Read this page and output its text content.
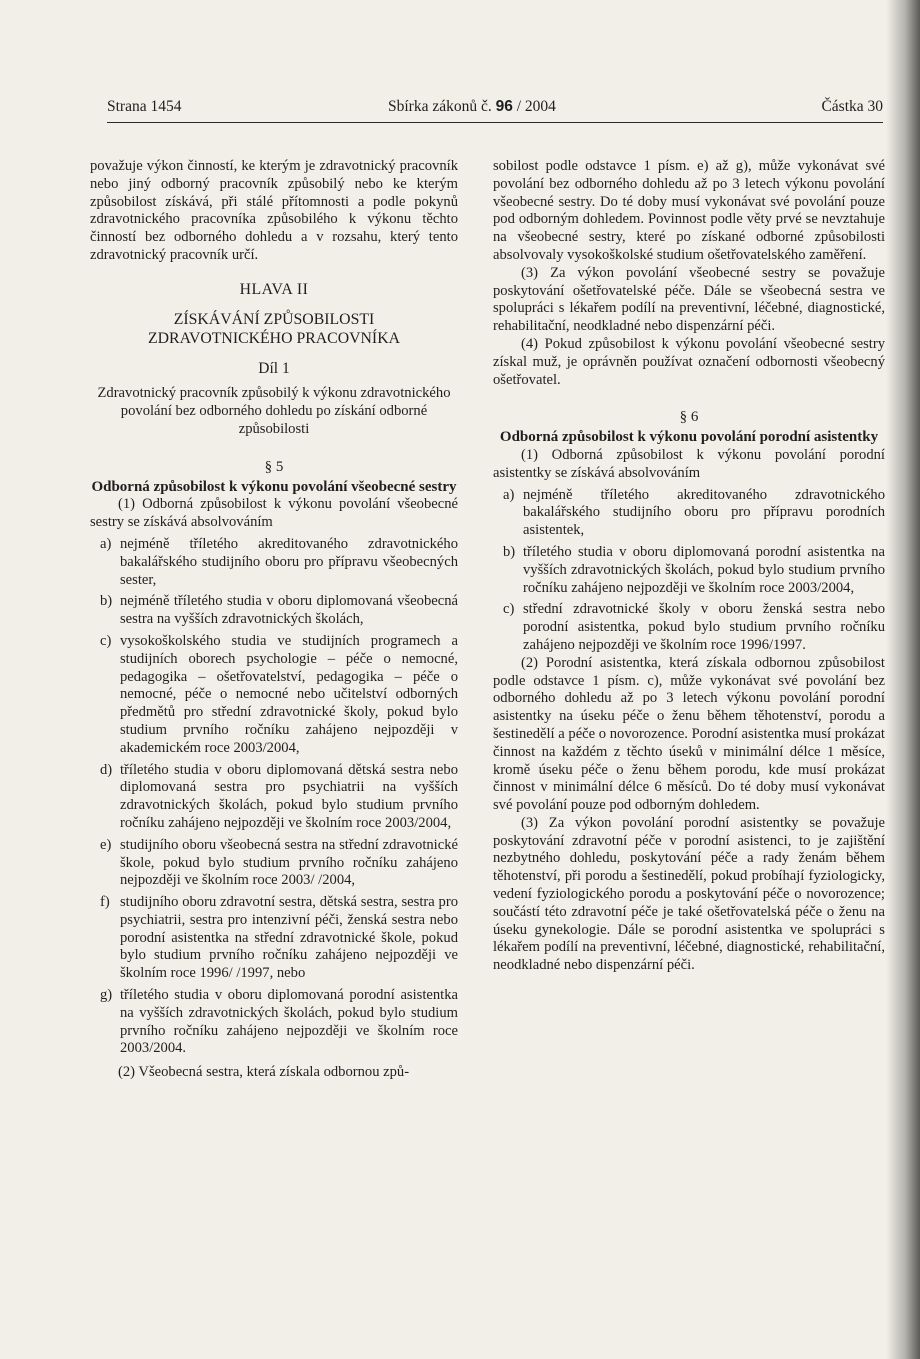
Strana 1454	Sbírka zákonů č. 96 / 2004	Částka 30

považuje výkon činností, ke kterým je zdravotnický pracovník nebo jiný odborný pracovník způsobilý nebo ke kterým způsobilost získává, při stálé přítomnosti a podle pokynů zdravotnického pracovníka způsobilého k výkonu těchto činností bez odborného dohledu a v rozsahu, který tento zdravotnický pracovník určí.

HLAVA II
ZÍSKÁVÁNÍ ZPŮSOBILOSTI
ZDRAVOTNICKÉHO PRACOVNÍKA
Díl 1
Zdravotnický pracovník způsobilý k výkonu zdravotnického povolání bez odborného dohledu po získání odborné způsobilosti
§ 5
Odborná způsobilost k výkonu povolání všeobecné sestry

(1) Odborná způsobilost k výkonu povolání všeobecné sestry se získává absolvováním

a) nejméně tříletého akreditovaného zdravotnického bakalářského studijního oboru pro přípravu všeobecných sester,
b) nejméně tříletého studia v oboru diplomovaná všeobecná sestra na vyšších zdravotnických školách,
c) vysokoškolského studia ve studijních programech a studijních oborech psychologie – péče o nemocné, pedagogika – ošetřovatelství, pedagogika – péče o nemocné, péče o nemocné nebo učitelství odborných předmětů pro střední zdravotnické školy, pokud bylo studium prvního ročníku zahájeno nejpozději v akademickém roce 2003/2004,
d) tříletého studia v oboru diplomovaná dětská sestra nebo diplomovaná sestra pro psychiatrii na vyšších zdravotnických školách, pokud bylo studium prvního ročníku zahájeno nejpozději ve školním roce 2003/2004,
e) studijního oboru všeobecná sestra na střední zdravotnické škole, pokud bylo studium prvního ročníku zahájeno nejpozději ve školním roce 2003/ /2004,
f) studijního oboru zdravotní sestra, dětská sestra, sestra pro psychiatrii, sestra pro intenzivní péči, ženská sestra nebo porodní asistentka na střední zdravotnické škole, pokud bylo studium prvního ročníku zahájeno nejpozději ve školním roce 1996/ /1997, nebo
g) tříletého studia v oboru diplomovaná porodní asistentka na vyšších zdravotnických školách, pokud bylo studium prvního ročníku zahájeno nejpozději ve školním roce 2003/2004.

(2) Všeobecná sestra, která získala odbornou způ-

sobilost podle odstavce 1 písm. e) až g), může vykonávat své povolání bez odborného dohledu až po 3 letech výkonu povolání všeobecné sestry. Do té doby musí vykonávat své povolání pouze pod odborným dohledem. Povinnost podle věty prvé se nevztahuje na všeobecné sestry, které po získané odborné způsobilosti absolvovaly vysokoškolské studium ošetřovatelského zaměření.

(3) Za výkon povolání všeobecné sestry se považuje poskytování ošetřovatelské péče. Dále se všeobecná sestra ve spolupráci s lékařem podílí na preventivní, léčebné, diagnostické, rehabilitační, neodkladné nebo dispenzární péči.

(4) Pokud způsobilost k výkonu povolání všeobecné sestry získal muž, je oprávněn používat označení odbornosti všeobecný ošetřovatel.

§ 6
Odborná způsobilost k výkonu povolání porodní asistentky

(1) Odborná způsobilost k výkonu povolání porodní asistentky se získává absolvováním

a) nejméně tříletého akreditovaného zdravotnického bakalářského studijního oboru pro přípravu porodních asistentek,
b) tříletého studia v oboru diplomovaná porodní asistentka na vyšších zdravotnických školách, pokud bylo studium prvního ročníku zahájeno nejpozději ve školním roce 2003/2004,
c) střední zdravotnické školy v oboru ženská sestra nebo porodní asistentka, pokud bylo studium prvního ročníku zahájeno nejpozději ve školním roce 1996/1997.

(2) Porodní asistentka, která získala odbornou způsobilost podle odstavce 1 písm. c), může vykonávat své povolání bez odborného dohledu až po 3 letech výkonu povolání porodní asistentky na úseku péče o ženu během těhotenství, porodu a šestinedělí a péče o novorozence. Porodní asistentka musí prokázat činnost na každém z těchto úseků v minimální délce 1 měsíce, kromě úseku péče o ženu během porodu, kde musí prokázat činnost v minimální délce 6 měsíců. Do té doby musí vykonávat své povolání pouze pod odborným dohledem.

(3) Za výkon povolání porodní asistentky se považuje poskytování zdravotní péče v porodní asistenci, to je zajištění nezbytného dohledu, poskytování péče a rady ženám během těhotenství, při porodu a šestinedělí, pokud probíhají fyziologicky, vedení fyziologického porodu a poskytování péče o novorozence; součástí této zdravotní péče je také ošetřovatelská péče o ženu na úseku gynekologie. Dále se porodní asistentka ve spolupráci s lékařem podílí na preventivní, léčebné, diagnostické, rehabilitační, neodkladné nebo dispenzární péči.
